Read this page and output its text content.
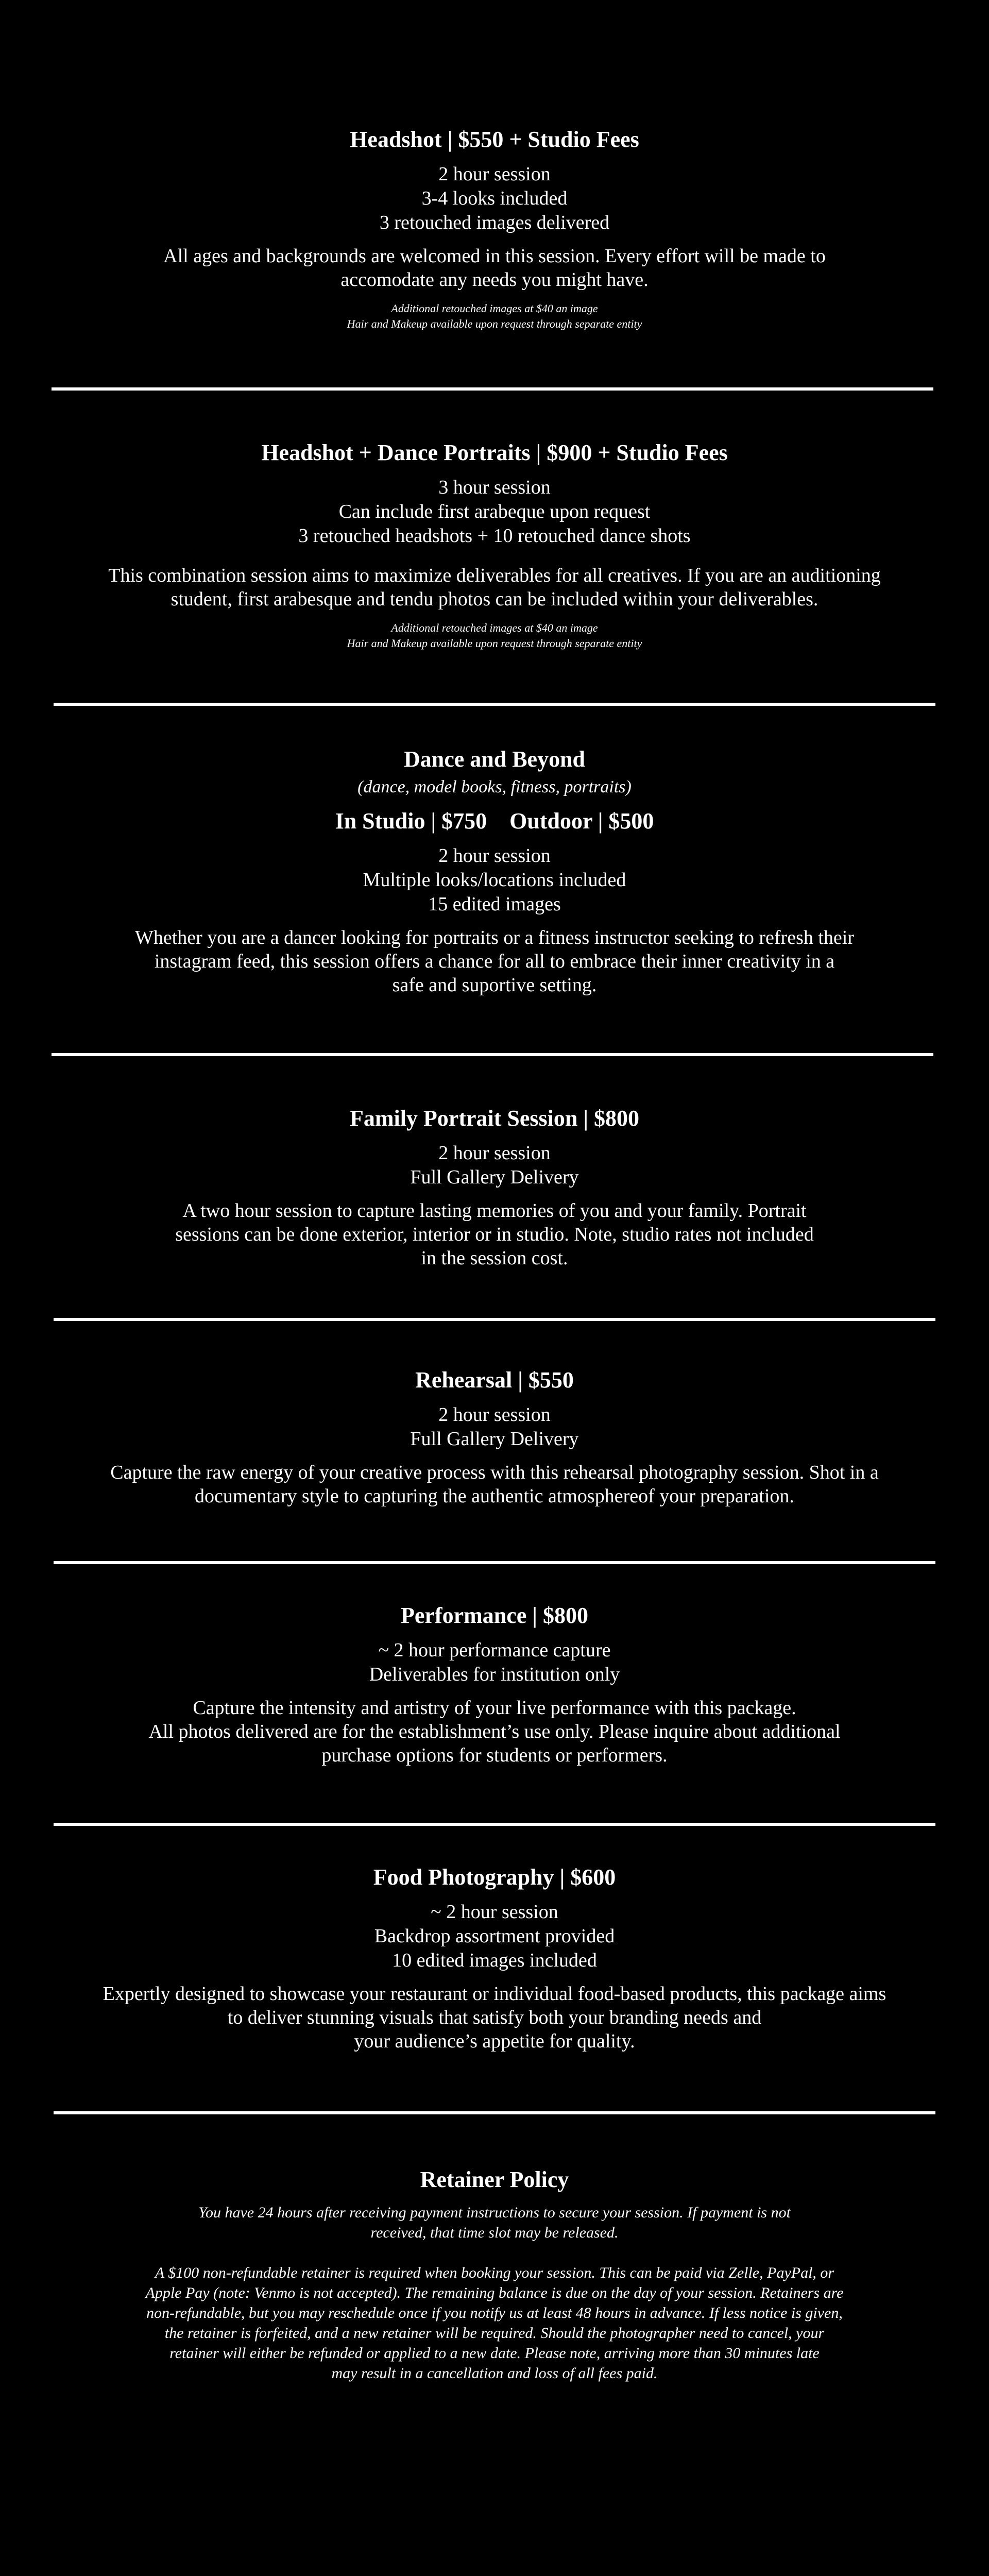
Headshot | $550 + Studio Fees

2 hour session

3-4 looks included

3 retouched images delivered

All ages and backgrounds are welcomed in this session. Every effort will be made to

accomodate any needs you might have.

Additional retouched images at $40 an image

Hair and Makeup available upon request through separate entity

Headshot + Dance Portraits | $900 + Studio Fees

3 hour session

Can include first arabeque upon request

3 retouched headshots + 10 retouched dance shots

This combination session aims to maximize deliverables for all creatives. If you are an auditioning

student, first arabesque and tendu photos can be included within your deliverables.

Additional retouched images at $40 an image

Hair and Makeup available upon request through separate entity

Dance and Beyond

(dance, model books, fitness, portraits)

In Studio | $750 Outdoor | $500

2 hour session

Multiple looks/locations included

15 edited images

Whether you are a dancer looking for portraits or a fitness instructor seeking to refresh their

instagram feed, this session offers a chance for all to embrace their inner creativity in a

safe and suportive setting.

Family Portrait Session | $800

2 hour session

Full Gallery Delivery

A two hour session to capture lasting memories of you and your family. Portrait

sessions can be done exterior, interior or in studio. Note, studio rates not included

in the session cost.

Rehearsal | $550

2 hour session

Full Gallery Delivery

Capture the raw energy of your creative process with this rehearsal photography session. Shot in a

documentary style to capturing the authentic atmosphereof your preparation.

Performance | $800

~ 2 hour performance capture

Deliverables for institution only

Capture the intensity and artistry of your live performance with this package.

All photos delivered are for the establishment’s use only. Please inquire about additional

purchase options for students or performers.

Food Photography | $600

~ 2 hour session

Backdrop assortment provided

10 edited images included

Expertly designed to showcase your restaurant or individual food-based products, this package aims

to deliver stunning visuals that satisfy both your branding needs and

your audience’s appetite for quality.

Retainer Policy

You have 24 hours after receiving payment instructions to secure your session. If payment is not

received, that time slot may be released.

A $100 non-refundable retainer is required when booking your session. This can be paid via Zelle, PayPal, or

Apple Pay (note: Venmo is not accepted). The remaining balance is due on the day of your session. Retainers are

non-refundable, but you may reschedule once if you notify us at least 48 hours in advance. If less notice is given,

the retainer is forfeited, and a new retainer will be required. Should the photographer need to cancel, your

retainer will either be refunded or applied to a new date. Please note, arriving more than 30 minutes late

may result in a cancellation and loss of all fees paid.
